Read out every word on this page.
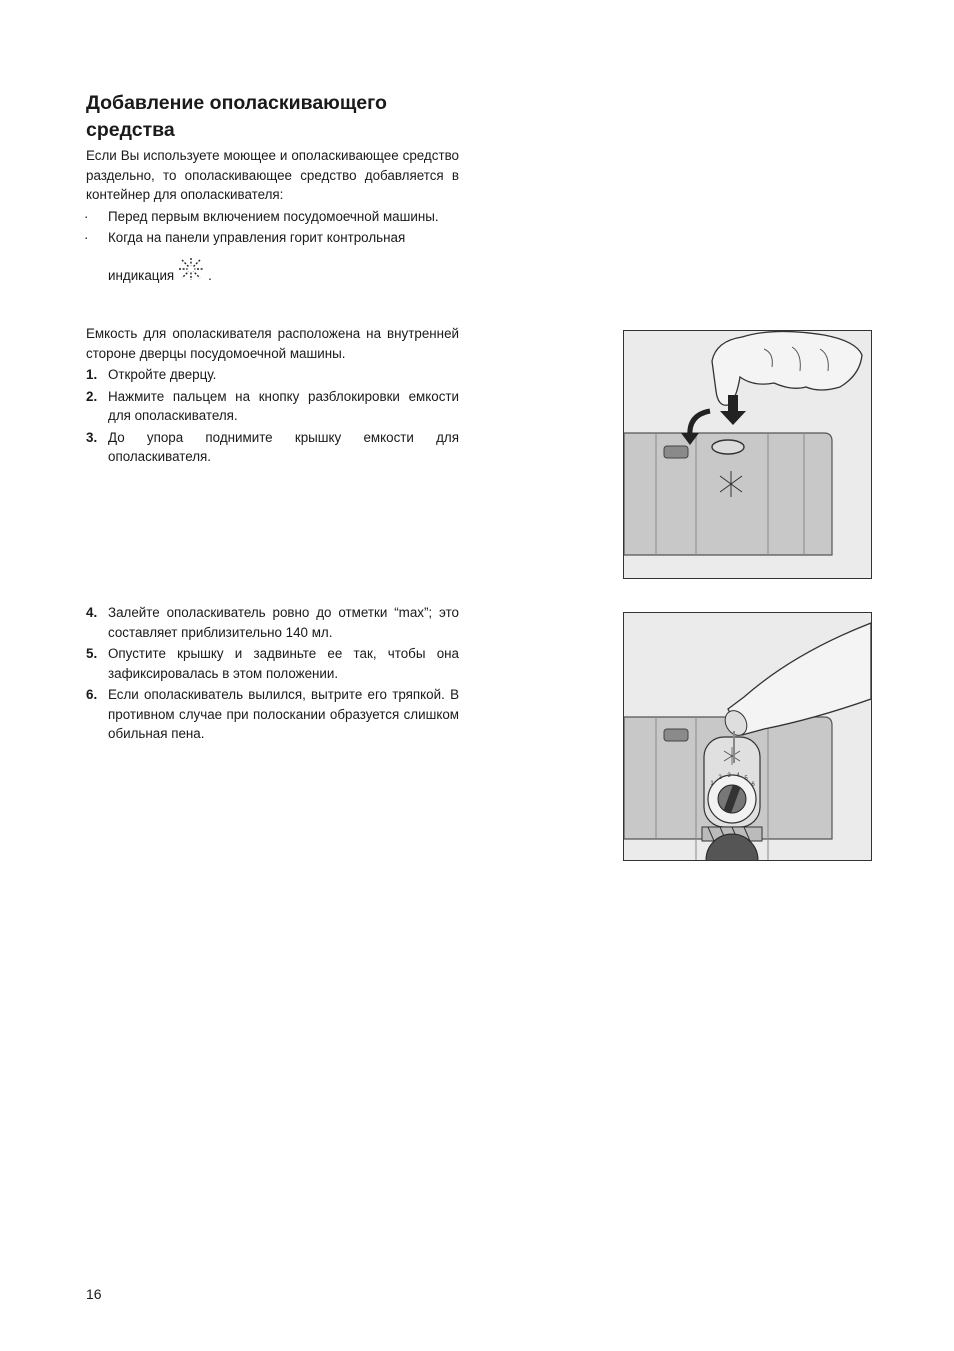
Добавление ополаскивающего
средства

Если Вы используете моющее и ополаскивающее средство раздельно, то ополаскивающее средство добавляется в контейнер для ополаскивателя:

· Перед первым включением посудомоечной машины.
· Когда на панели управления горит контрольная
индикация	.

Емкость для ополаскивателя расположена на внутренней стороне дверцы посудомоечной машины.

1. Откройте дверцу.
2. Нажмите пальцем на кнопку разблокировки емкости для ополаскивателя.
3. До упора поднимите крышку емкости для ополаскивателя.
4. Залейте ополаскиватель ровно до отметки “max”; это составляет приблизительно 140 мл.
5. Опустите крышку и задвиньте ее так, чтобы она зафиксировалась в этом положении.
6. Если ополаскиватель вылился, вытрите его тряпкой. В противном случае при полоскании образуется слишком обильная пена.
1
2 3 4 5
6
16
